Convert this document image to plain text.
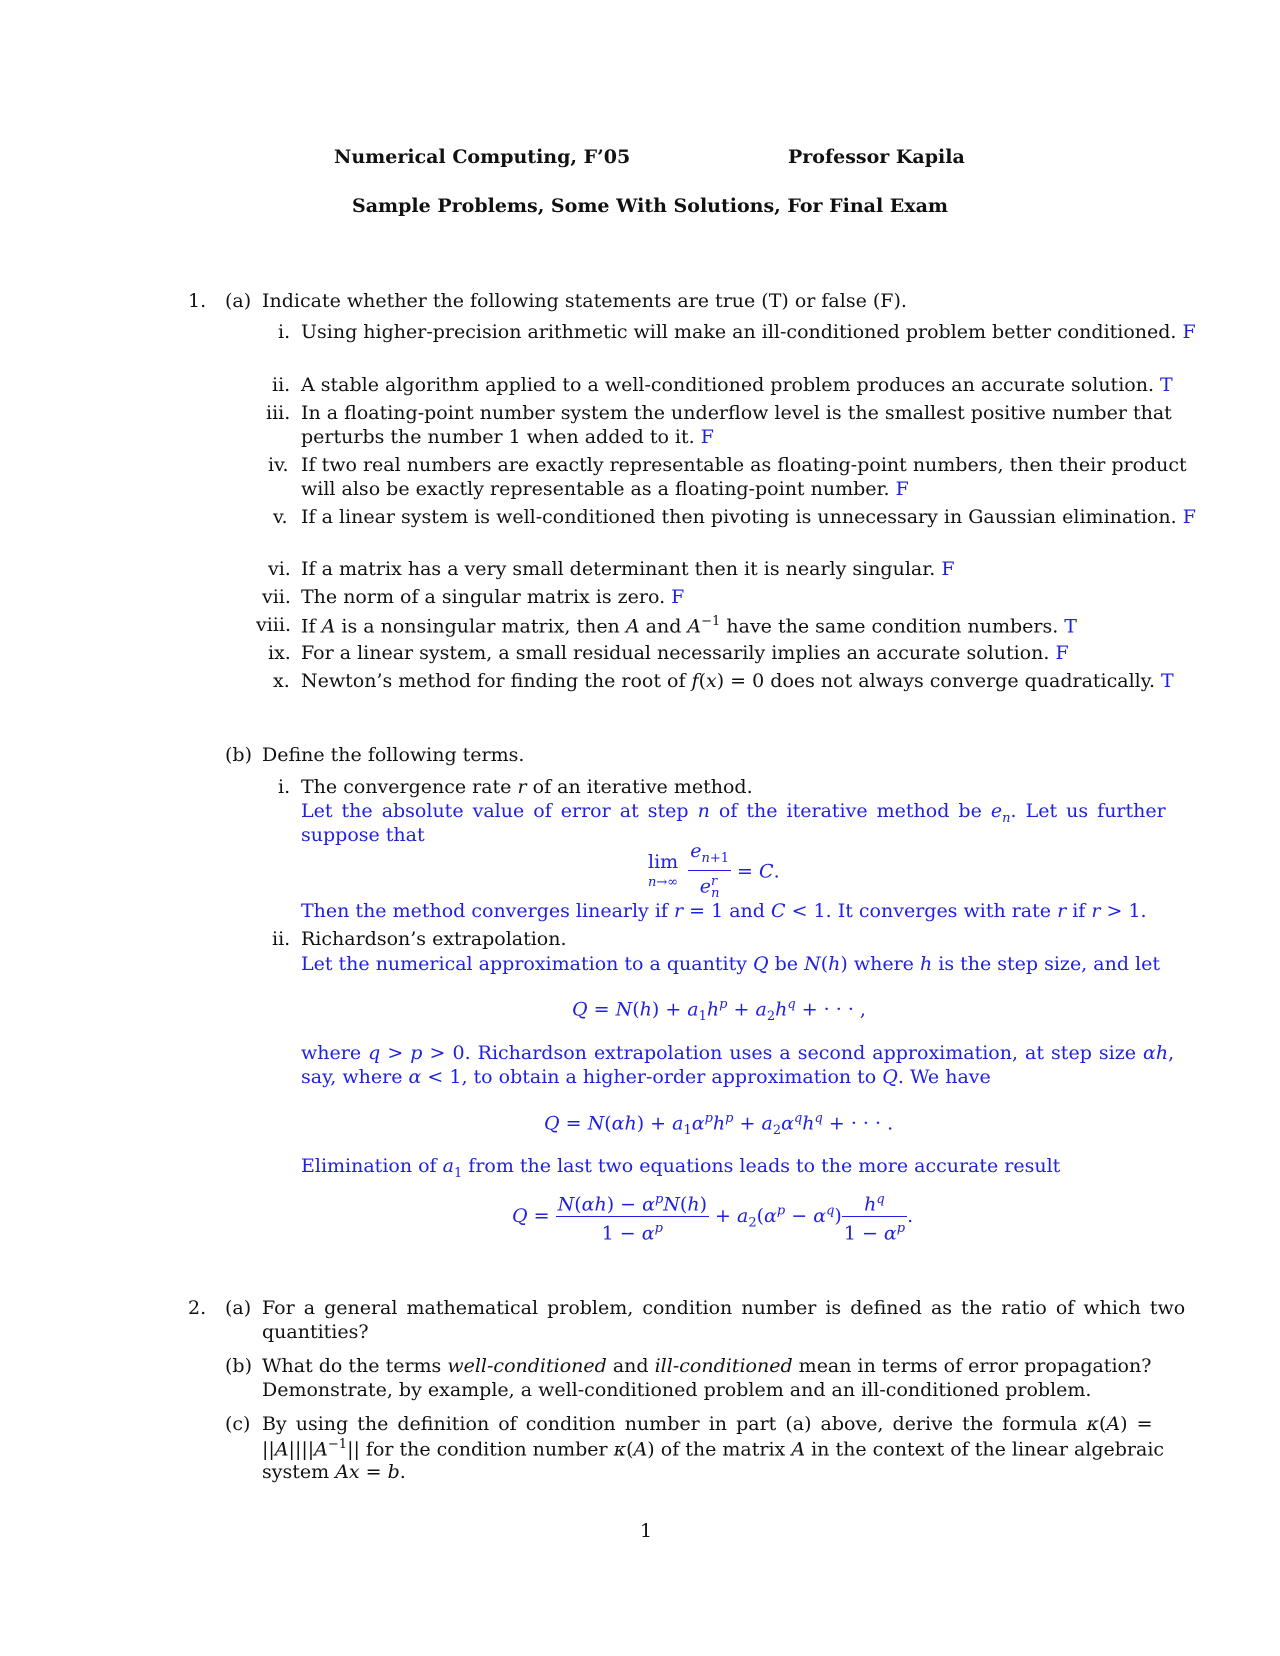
Numerical Computing, F’05	Professor Kapila
Sample Problems, Some With Solutions, For Final Exam
1. (a) Indicate whether the following statements are true (T) or false (F).
i. Using higher-precision arithmetic will make an ill-conditioned problem better conditioned. F
ii. A stable algorithm applied to a well-conditioned problem produces an accurate solution. T
iii. In a floating-point number system the underflow level is the smallest positive number that
perturbs the number 1 when added to it. F
iv. If two real numbers are exactly representable as floating-point numbers, then their product
will also be exactly representable as a floating-point number. F
v. If a linear system is well-conditioned then pivoting is unnecessary in Gaussian elimination. F
vi. If a matrix has a very small determinant then it is nearly singular. F
vii. The norm of a singular matrix is zero. F
viii. If A is a nonsingular matrix, then A and $A^{-1}$ have the same condition numbers. T
ix. For a linear system, a small residual necessarily implies an accurate solution. F
x. Newton’s method for finding the root of f(x) = 0 does not always converge quadratically. T
(b) Define the following terms.
i. The convergence rate r of an iterative method.
Let the absolute value of error at step n of the iterative method be $e_n$. Let us further
suppose that
lim
$n\to\infty \frac{e_{n+1}}{e^r_n} = C$.
Then the method converges linearly if r = 1 and C < 1. It converges with rate r if r > 1.
ii. Richardson’s extrapolation.
Let the numerical approximation to a quantity Q be N(h) where h is the step size, and let
$Q = N(h) + a_1h^p + a_2h^q$ + · · · ,
where q > p > 0. Richardson extrapolation uses a second approximation, at step size αh,
say, where α < 1, to obtain a higher-order approximation to Q. We have
$Q = N(\alpha h) + a_1\alpha^ph^p + a_2\alpha^qh^q$ + · · · .
Elimination of $a_1$ from the last two equations leads to the more accurate result
$Q = \frac{N(\alpha h) - \alpha^pN(h)}{1 - \alpha^p} + a_2(\alpha^p - \alpha^q) \frac{h^q}{1 - \alpha^p}$ .
2. (a) For a general mathematical problem, condition number is defined as the ratio of which two
quantities?
(b) What do the terms well-conditioned and ill-conditioned mean in terms of error propagation?
Demonstrate, by example, a well-conditioned problem and an ill-conditioned problem.
(c) By using the definition of condition number in part (a) above, derive the formula κ(A) =
$||A||||A^{-1}||$ for the condition number κ(A) of the matrix A in the context of the linear algebraic
system Ax = b.
1
